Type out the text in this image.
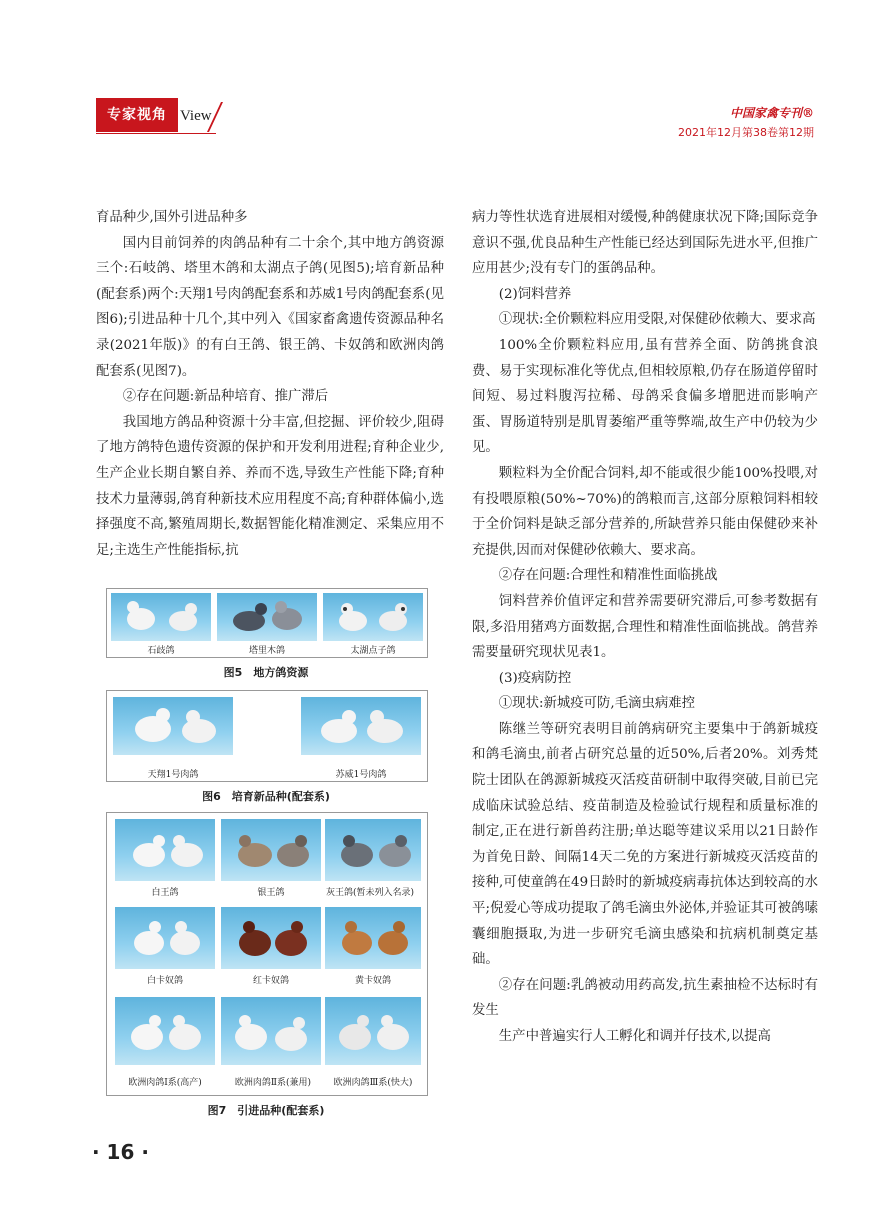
专家视角 View	中国家禽专刊®
2021年12月第38卷第12期

育品种少,国外引进品种多

国内目前饲养的肉鸽品种有二十余个,其中地方鸽资源三个:石岐鸽、塔里木鸽和太湖点子鸽(见图5);培育新品种(配套系)两个:天翔1号肉鸽配套系和苏威1号肉鸽配套系(见图6);引进品种十几个,其中列入《国家畜禽遗传资源品种名录(2021年版)》的有白王鸽、银王鸽、卡奴鸽和欧洲肉鸽配套系(见图7)。

②存在问题:新品种培育、推广滞后

我国地方鸽品种资源十分丰富,但挖掘、评价较少,阻碍了地方鸽特色遗传资源的保护和开发利用进程;育种企业少,生产企业长期自繁自养、养而不选,导致生产性能下降;育种技术力量薄弱,鸽育种新技术应用程度不高;育种群体偏小,选择强度不高,繁殖周期长,数据智能化精准测定、采集应用不足;主选生产性能指标,抗

病力等性状选育进展相对缓慢,种鸽健康状况下降;国际竞争意识不强,优良品种生产性能已经达到国际先进水平,但推广应用甚少;没有专门的蛋鸽品种。

(2)饲料营养

①现状:全价颗粒料应用受限,对保健砂依赖大、要求高

100%全价颗粒料应用,虽有营养全面、防鸽挑食浪费、易于实现标准化等优点,但相较原粮,仍存在肠道停留时间短、易过料腹泻拉稀、母鸽采食偏多增肥进而影响产蛋、胃肠道特别是肌胃萎缩严重等弊端,故生产中仍较为少见。

颗粒料为全价配合饲料,却不能或很少能100%投喂,对有投喂原粮(50%~70%)的鸽粮而言,这部分原粮饲料相较于全价饲料是缺乏部分营养的,所缺营养只能由保健砂来补充提供,因而对保健砂依赖大、要求高。

②存在问题:合理性和精准性面临挑战

饲料营养价值评定和营养需要研究滞后,可参考数据有限,多沿用猪鸡方面数据,合理性和精准性面临挑战。鸽营养需要量研究现状见表1。

(3)疫病防控

①现状:新城疫可防,毛滴虫病难控

陈继兰等研究表明目前鸽病研究主要集中于鸽新城疫和鸽毛滴虫,前者占研究总量的近50%,后者20%。刘秀梵院士团队在鸽源新城疫灭活疫苗研制中取得突破,目前已完成临床试验总结、疫苗制造及检验试行规程和质量标准的制定,正在进行新兽药注册;单达聪等建议采用以21日龄作为首免日龄、间隔14天二免的方案进行新城疫灭活疫苗的接种,可使童鸽在49日龄时的新城疫病毒抗体达到较高的水平;倪爱心等成功提取了鸽毛滴虫外泌体,并验证其可被鸽嗉囊细胞摄取,为进一步研究毛滴虫感染和抗病机制奠定基础。

②存在问题:乳鸽被动用药高发,抗生素抽检不达标时有发生

生产中普遍实行人工孵化和调并仔技术,以提高

石歧鸽	塔里木鸽	太湖点子鸽
图5　地方鸽资源
天翔1号肉鸽	苏威1号肉鸽
图6　培育新品种(配套系)
白王鸽	银王鸽	灰王鸽(暂未列入名录)
白卡奴鸽	红卡奴鸽	黄卡奴鸽
欧洲肉鸽Ⅰ系(高产)	欧洲肉鸽Ⅱ系(兼用)	欧洲肉鸽Ⅲ系(快大)
图7　引进品种(配套系)
· 16 ·
